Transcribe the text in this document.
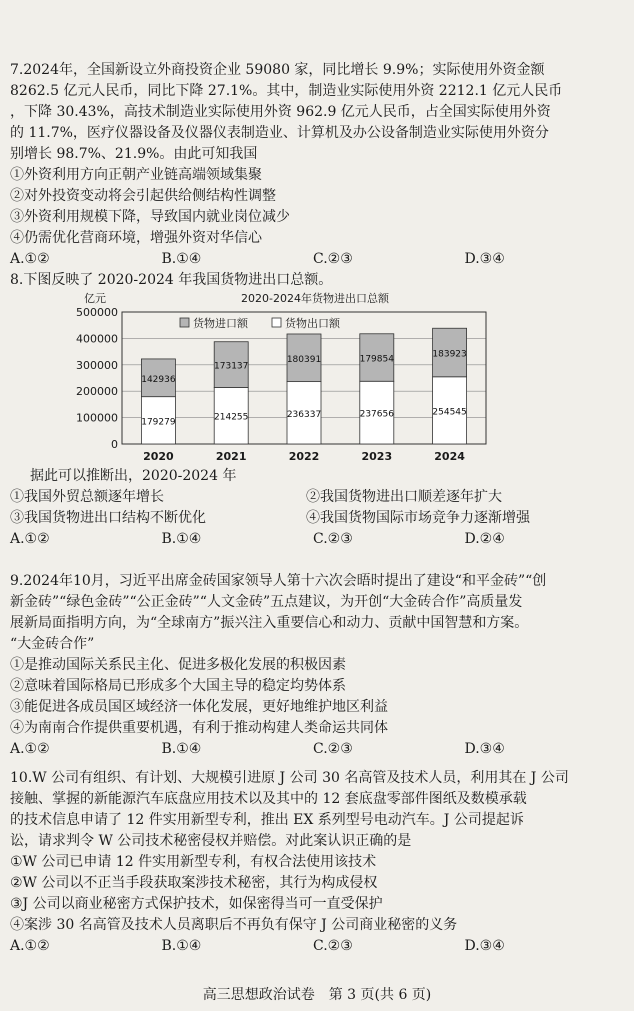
7.2024年，全国新设立外商投资企业 59080 家，同比增长 9.9%；实际使用外资金额
8262.5 亿元人民币，同比下降 27.1%。其中，制造业实际使用外资 2212.1 亿元人民币
，下降 30.43%，高技术制造业实际使用外资 962.9 亿元人民币，占全国实际使用外资
的 11.7%，医疗仪器设备及仪器仪表制造业、计算机及办公设备制造业实际使用外资分
别增长 98.7%、21.9%。由此可知我国
①外资利用方向正朝产业链高端领域集聚
②对外投资变动将会引起供给侧结构性调整
③外资利用规模下降，导致国内就业岗位减少
④仍需优化营商环境，增强外资对华信心
A.①②	B.①④	C.②③	D.③④
8.下图反映了 2020-2024 年我国货物进出口总额。
亿元	2020-2024年货物进出口总额
货物进口额	货物出口额
0
100000
200000
300000
400000
500000
2020	2021	2022	2023	2024
179279
142936
214255
173137
236337
180391
237656
179854
254545
183923
据此可以推断出，2020-2024 年
①我国外贸总额逐年增长	②我国货物进出口顺差逐年扩大
③我国货物进出口结构不断优化	④我国货物国际市场竞争力逐渐增强
A.①②	B.①④	C.②③	D.②④
9.2024年10月，习近平出席金砖国家领导人第十六次会晤时提出了建设“和平金砖”“创
新金砖”“绿色金砖”“公正金砖”“人文金砖”五点建议，为开创“大金砖合作”高质量发
展新局面指明方向，为“全球南方”振兴注入重要信心和动力、贡献中国智慧和方案。
“大金砖合作”
①是推动国际关系民主化、促进多极化发展的积极因素
②意味着国际格局已形成多个大国主导的稳定均势体系
③能促进各成员国区域经济一体化发展，更好地维护地区利益
④为南南合作提供重要机遇，有利于推动构建人类命运共同体
A.①②	B.①④	C.②③	D.③④
10.W 公司有组织、有计划、大规模引进原 J 公司 30 名高管及技术人员，利用其在 J 公司
接触、掌握的新能源汽车底盘应用技术以及其中的 12 套底盘零部件图纸及数模承载
的技术信息申请了 12 件实用新型专利，推出 EX 系列型号电动汽车。J 公司提起诉
讼，请求判令 W 公司技术秘密侵权并赔偿。对此案认识正确的是
①W 公司已申请 12 件实用新型专利，有权合法使用该技术
②W 公司以不正当手段获取案涉技术秘密，其行为构成侵权
③J 公司以商业秘密方式保护技术，如保密得当可一直受保护
④案涉 30 名高管及技术人员离职后不再负有保守 J 公司商业秘密的义务
A.①②	B.①④	C.②③	D.③④
高三思想政治试卷　第 3 页(共 6 页)
